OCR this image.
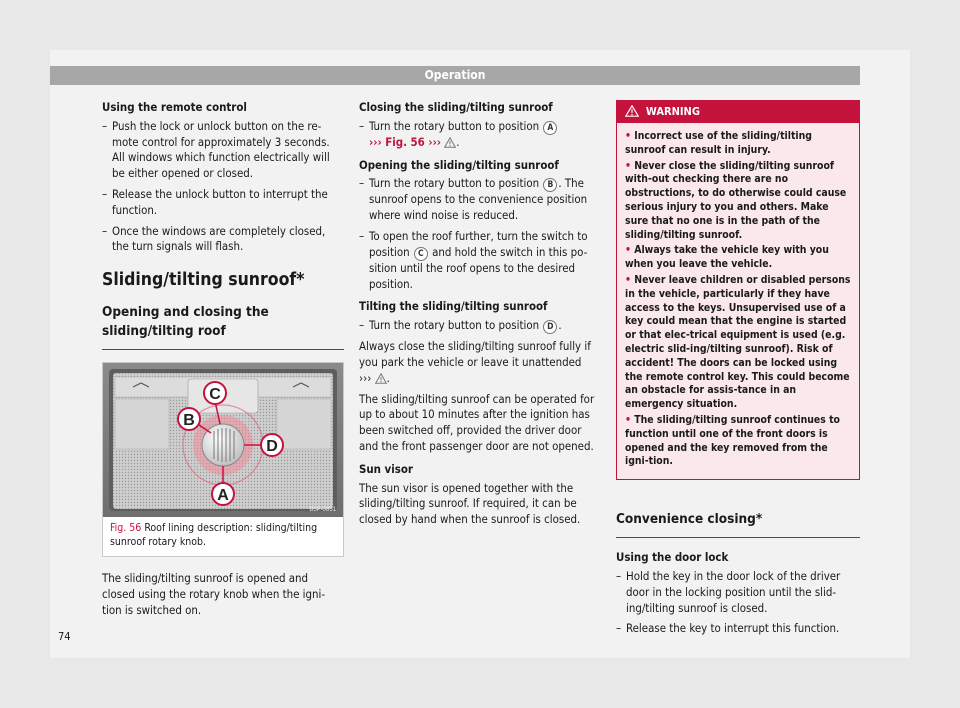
Operation
Using the remote control
– Push the lock or unlock button on the re-mote control for approximately 3 seconds. All windows which function electrically will be either opened or closed.
– Release the unlock button to interrupt the function.
– Once the windows are completely closed, the turn signals will flash.
Sliding/tilting sunroof*
Opening and closing the sliding/tilting roof
C
B
D
A
B5P-0851
Fig. 56 Roof lining description: sliding/tilting sunroof rotary knob.

The sliding/tilting sunroof is opened and closed using the rotary knob when the igni-tion is switched on.

Closing the sliding/tilting sunroof
– Turn the rotary button to position A
››› Fig. 56 ››› .
Opening the sliding/tilting sunroof
– Turn the rotary button to position B . The sunroof opens to the convenience position where wind noise is reduced.
– To open the roof further, turn the switch to position C and hold the switch in this po-sition until the roof opens to the desired position.
Tilting the sliding/tilting sunroof
– Turn the rotary button to position D .

Always close the sliding/tilting sunroof fully if you park the vehicle or leave it unattended
››› .

The sliding/tilting sunroof can be operated for up to about 10 minutes after the ignition has been switched off, provided the driver door and the front passenger door are not opened.

Sun visor

The sun visor is opened together with the sliding/tilting sunroof. If required, it can be closed by hand when the sunroof is closed.

WARNING
• Incorrect use of the sliding/tilting sunroof can result in injury.
• Never close the sliding/tilting sunroof with-out checking there are no obstructions, to do otherwise could cause serious injury to you and others. Make sure that no one is in the path of the sliding/tilting sunroof.
• Always take the vehicle key with you when you leave the vehicle.
• Never leave children or disabled persons in the vehicle, particularly if they have access to the keys. Unsupervised use of a key could mean that the engine is started or that elec-trical equipment is used (e.g. electric slid-ing/tilting sunroof). Risk of accident! The doors can be locked using the remote control key. This could become an obstacle for assis-tance in an emergency situation.
• The sliding/tilting sunroof continues to function until one of the front doors is opened and the key removed from the igni-tion.
Convenience closing*
Using the door lock
– Hold the key in the door lock of the driver door in the locking position until the slid-ing/tilting sunroof is closed.
– Release the key to interrupt this function.
74
